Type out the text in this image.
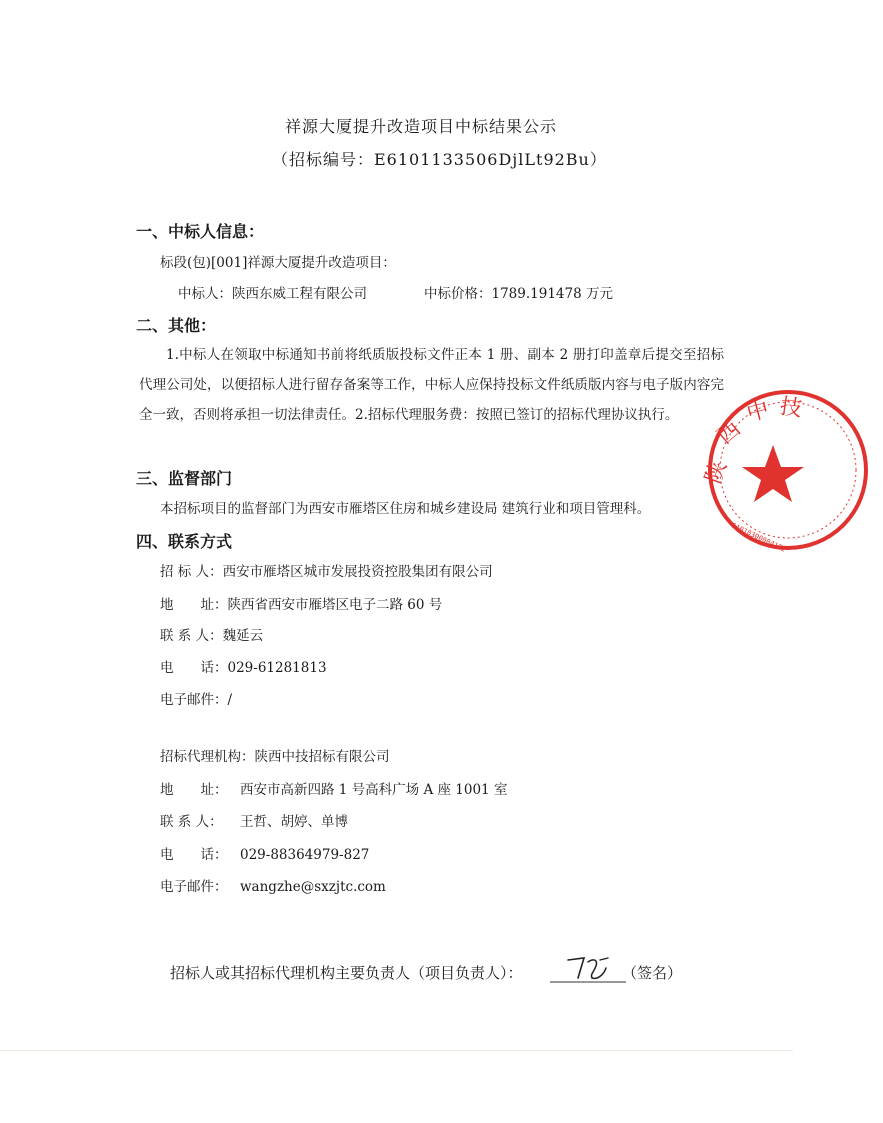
祥源大厦提升改造项目中标结果公示
（招标编号：E6101133506DjlLt92Bu）
一、中标人信息：
标段(包)[001]祥源大厦提升改造项目：
中标人：陕西东威工程有限公司	中标价格：1789.191478 万元
二、其他：
1.中标人在领取中标通知书前将纸质版投标文件正本 1 册、副本 2 册打印盖章后提交至招标代理公司处，以便招标人进行留存备案等工作，中标人应保持投标文件纸质版内容与电子版内容完全一致，否则将承担一切法律责任。2.招标代理服务费：按照已签订的招标代理协议执行。
三、监督部门
本招标项目的监督部门为西安市雁塔区住房和城乡建设局 建筑行业和项目管理科。
四、联系方式
招 标 人：西安市雁塔区城市发展投资控股集团有限公司
地　　址：陕西省西安市雁塔区电子二路 60 号
联 系 人：魏延云
电　　话：029-61281813
电子邮件：/
招标代理机构：陕西中技招标有限公司
地　　址： 西安市高新四路 1 号高科广场 A 座 1001 室
联 系 人： 王哲、胡婷、单博
电　　话： 029-88364979-827
电子邮件： wangzhe@sxzjtc.com
招标人或其招标代理机构主要负责人（项目负责人）：	（签名）
陕
西
中 技
61010300004122
